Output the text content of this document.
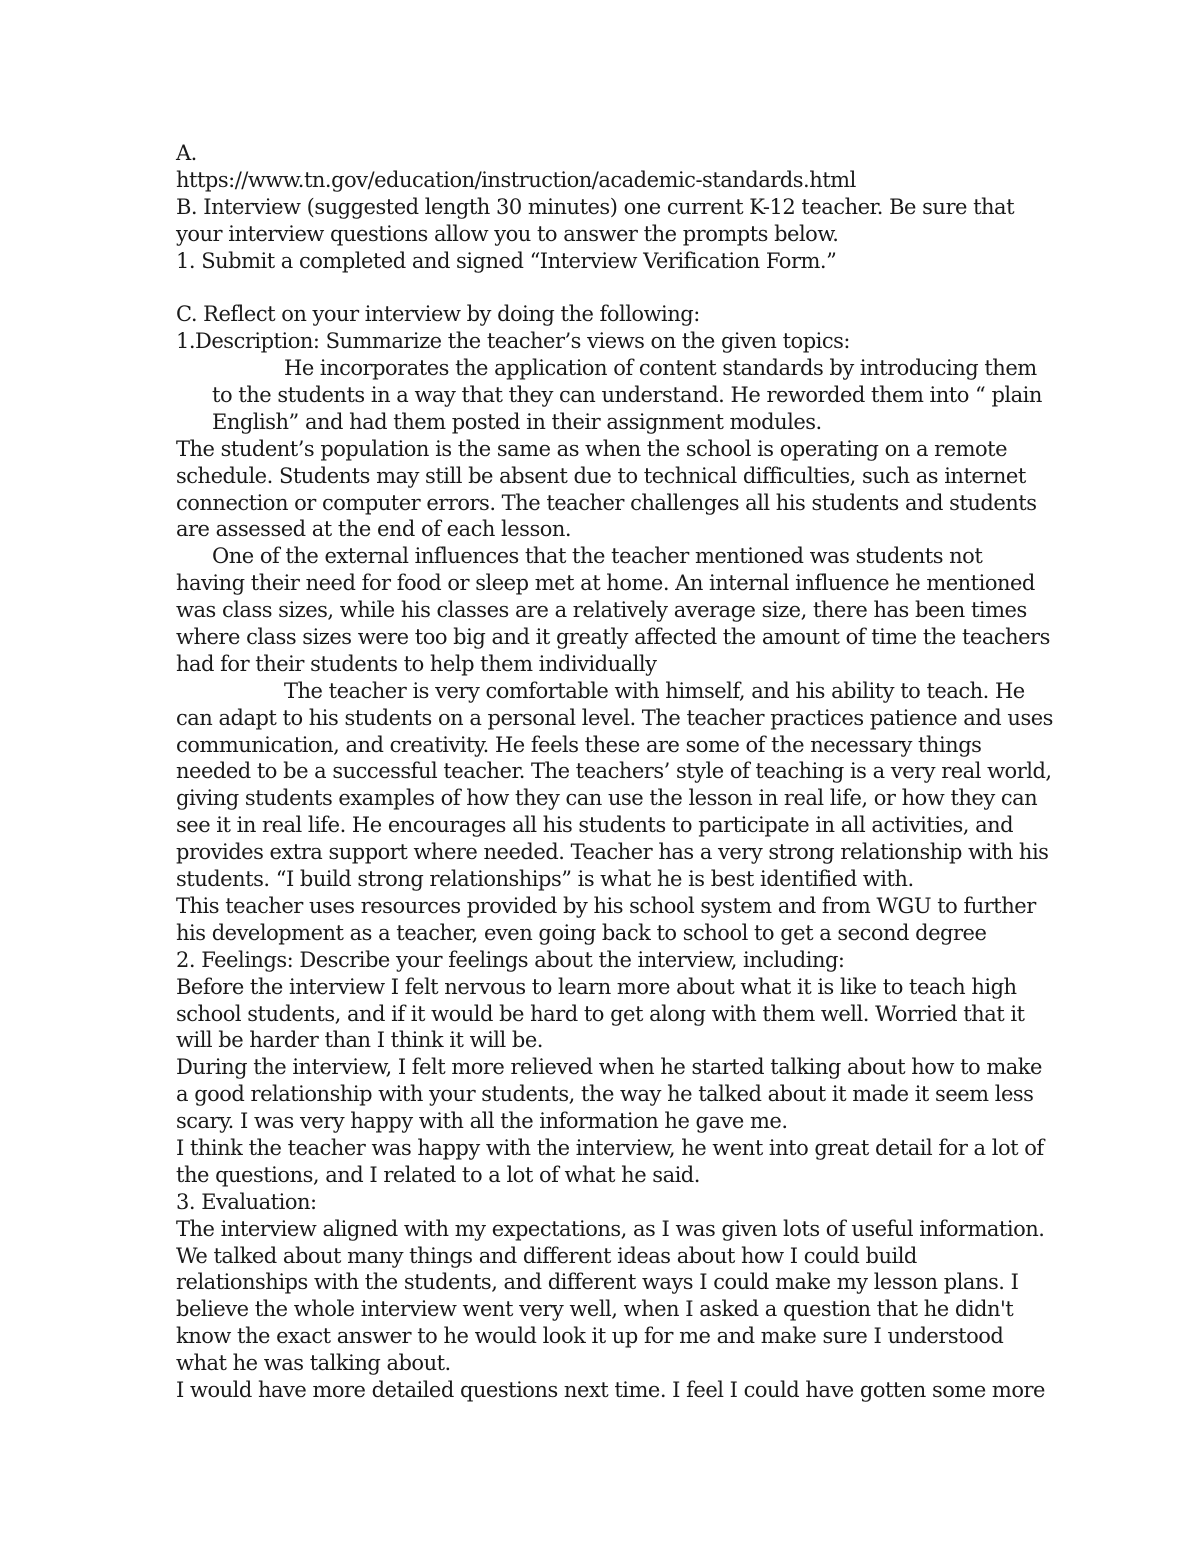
A.
https://www.tn.gov/education/instruction/academic-standards.html
B. Interview (suggested length 30 minutes) one current K-12 teacher. Be sure that
your interview questions allow you to answer the prompts below.
1. Submit a completed and signed “Interview Verification Form.”
C. Reflect on your interview by doing the following:
1.Description: Summarize the teacher’s views on the given topics:
He incorporates the application of content standards by introducing them
to the students in a way that they can understand. He reworded them into “ plain
English” and had them posted in their assignment modules.
The student’s population is the same as when the school is operating on a remote
schedule. Students may still be absent due to technical difficulties, such as internet
connection or computer errors. The teacher challenges all his students and students
are assessed at the end of each lesson.
One of the external influences that the teacher mentioned was students not
having their need for food or sleep met at home. An internal influence he mentioned
was class sizes, while his classes are a relatively average size, there has been times
where class sizes were too big and it greatly affected the amount of time the teachers
had for their students to help them individually
The teacher is very comfortable with himself, and his ability to teach. He
can adapt to his students on a personal level. The teacher practices patience and uses
communication, and creativity. He feels these are some of the necessary things
needed to be a successful teacher. The teachers’ style of teaching is a very real world,
giving students examples of how they can use the lesson in real life, or how they can
see it in real life. He encourages all his students to participate in all activities, and
provides extra support where needed. Teacher has a very strong relationship with his
students. “I build strong relationships” is what he is best identified with.
This teacher uses resources provided by his school system and from WGU to further
his development as a teacher, even going back to school to get a second degree
2. Feelings: Describe your feelings about the interview, including:
Before the interview I felt nervous to learn more about what it is like to teach high
school students, and if it would be hard to get along with them well. Worried that it
will be harder than I think it will be.
During the interview, I felt more relieved when he started talking about how to make
a good relationship with your students, the way he talked about it made it seem less
scary. I was very happy with all the information he gave me.
I think the teacher was happy with the interview, he went into great detail for a lot of
the questions, and I related to a lot of what he said.
3. Evaluation:
The interview aligned with my expectations, as I was given lots of useful information.
We talked about many things and different ideas about how I could build
relationships with the students, and different ways I could make my lesson plans. I
believe the whole interview went very well, when I asked a question that he didn't
know the exact answer to he would look it up for me and make sure I understood
what he was talking about.
I would have more detailed questions next time. I feel I could have gotten some more
